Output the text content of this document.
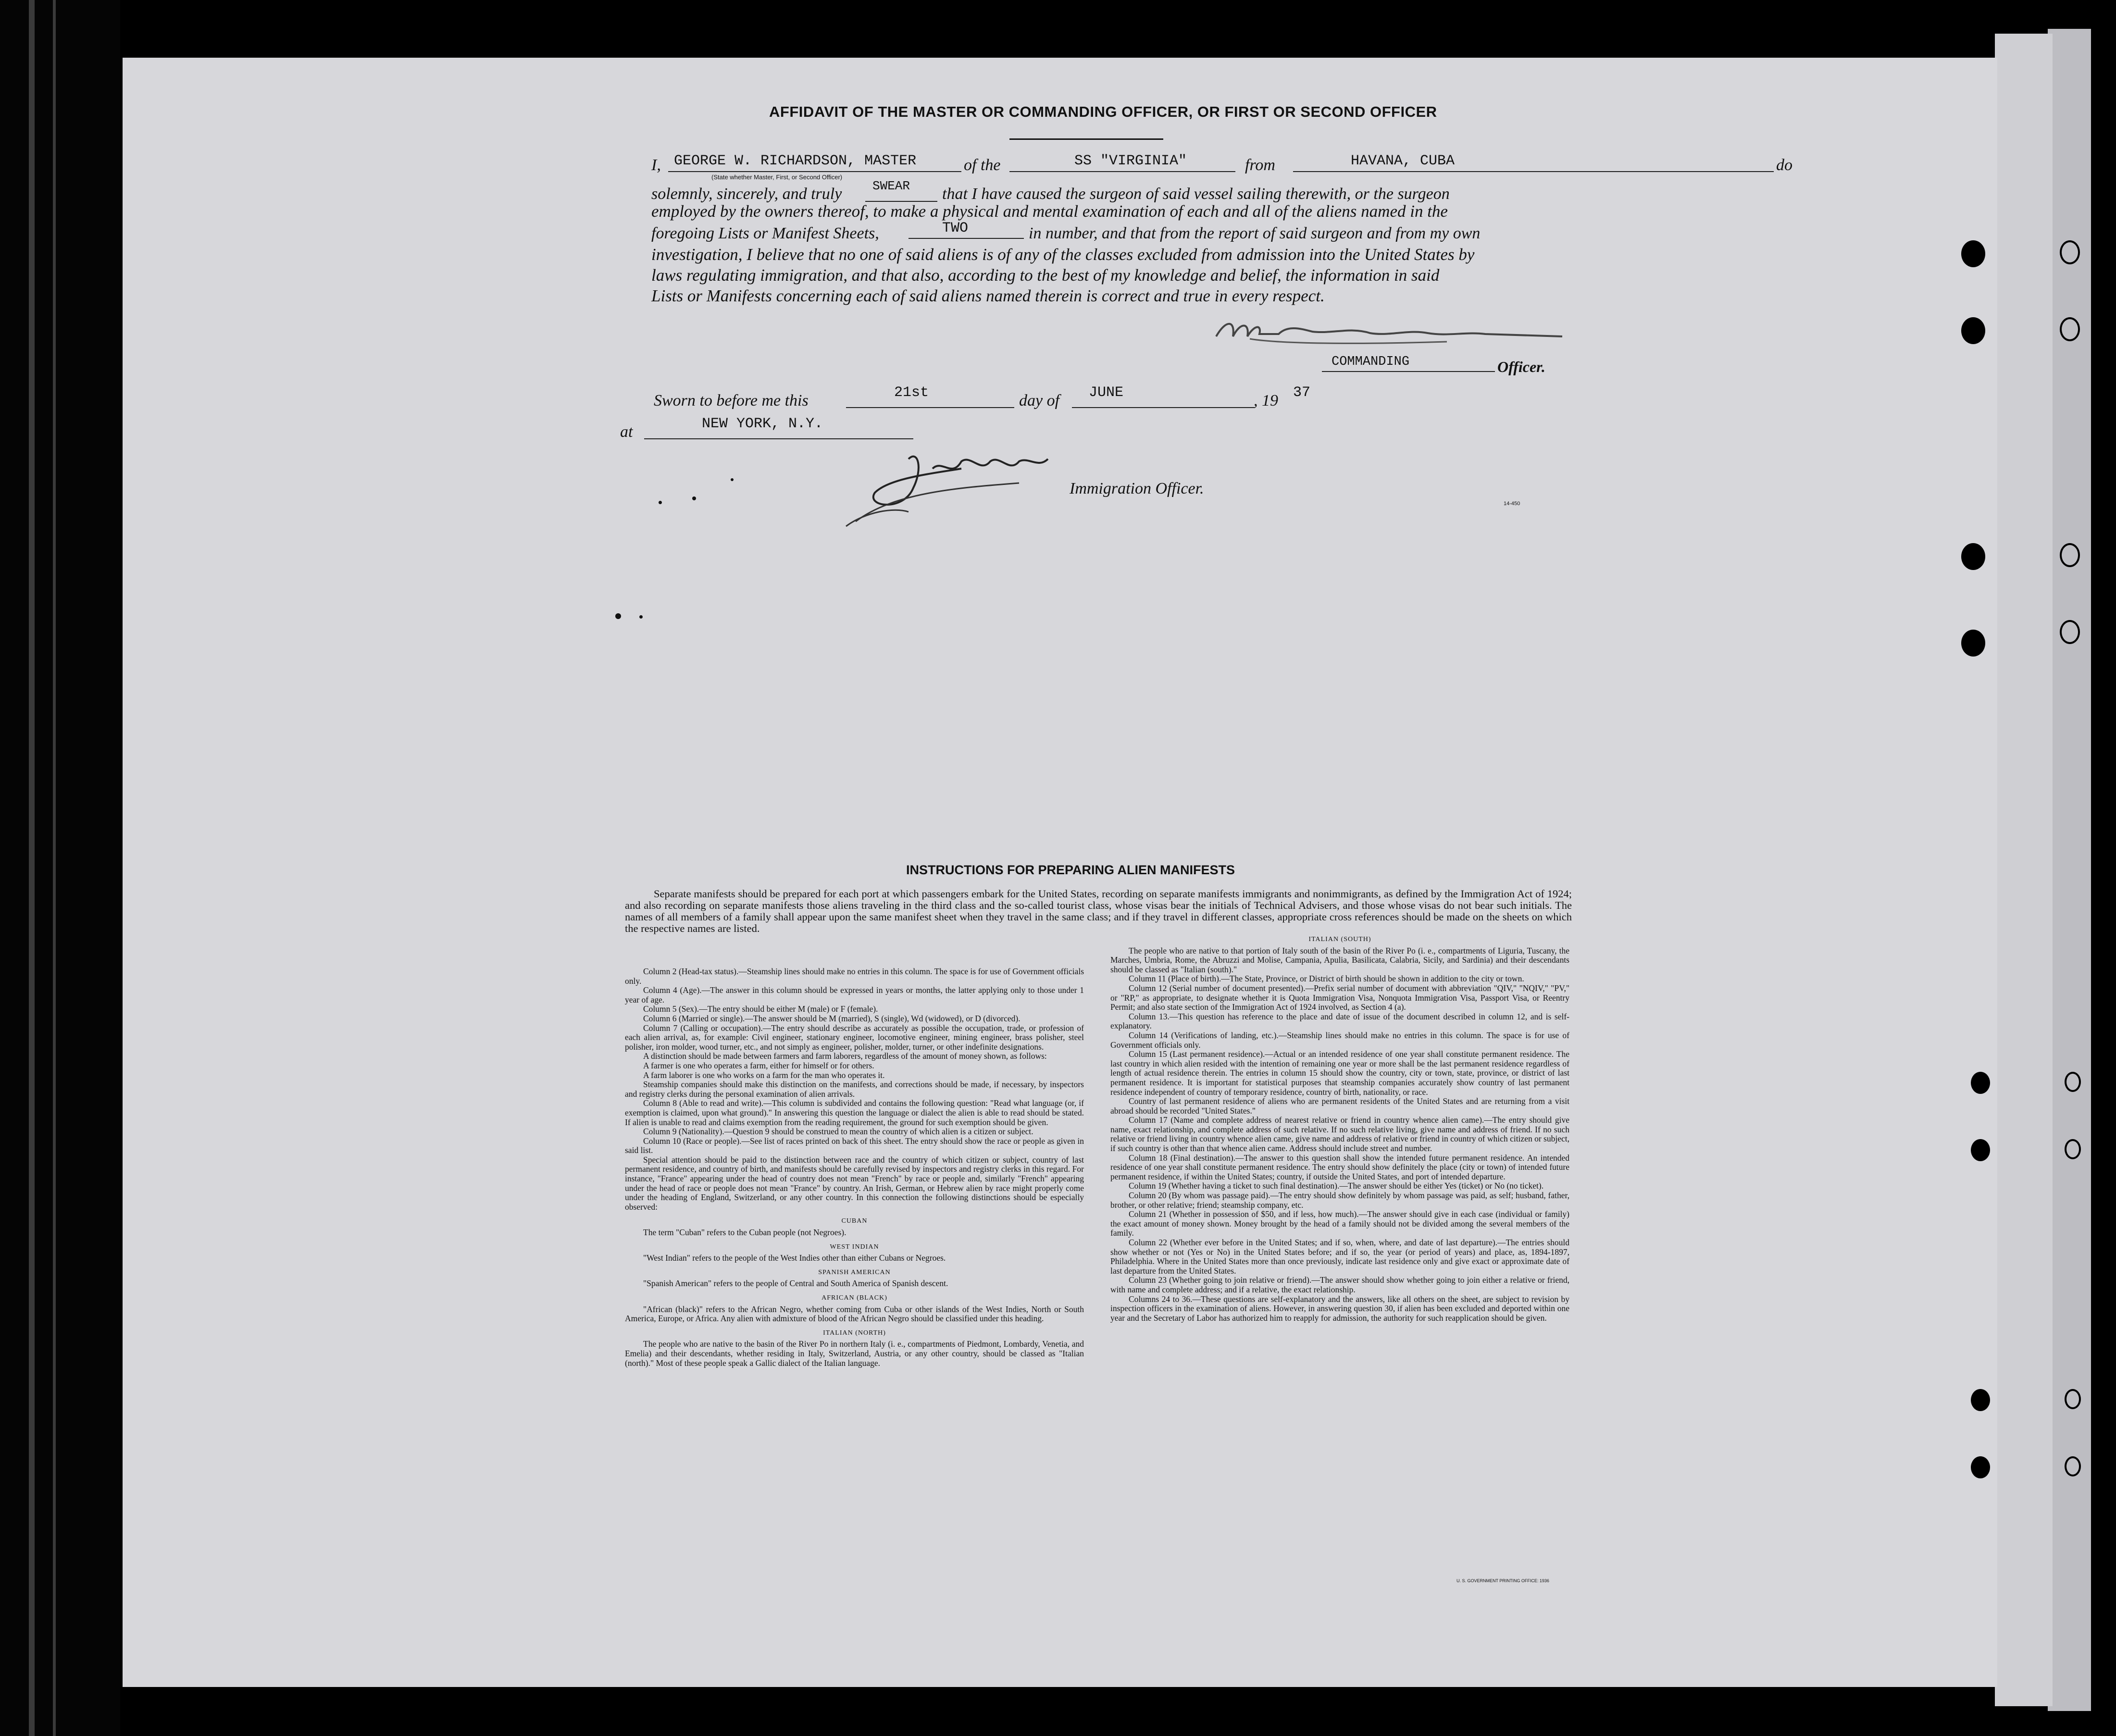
AFFIDAVIT OF THE MASTER OR COMMANDING OFFICER, OR FIRST OR SECOND OFFICER
I, GEORGE W. RICHARDSON, MASTER
(State whether Master, First, or Second Officer)
of the	SS "VIRGINIA"	from	HAVANA, CUBA	do
solemnly, sincerely, and truly SWEAR that I have caused the surgeon of said vessel sailing therewith, or the surgeon
employed by the owners thereof, to make a physical and mental examination of each and all of the aliens named in the
foregoing Lists or Manifest Sheets,	TWO	in number, and that from the report of said surgeon and from my own
investigation, I believe that no one of said aliens is of any of the classes excluded from admission into the United States by
laws regulating immigration, and that also, according to the best of my knowledge and belief, the information in said
Lists or Manifests concerning each of said aliens named therein is correct and true in every respect.
COMMANDING	Officer.
Sworn to before me this	21st	day of JUNE	, 19 37
at	NEW YORK, N.Y.
Immigration Officer.
14-450
INSTRUCTIONS FOR PREPARING ALIEN MANIFESTS
Separate manifests should be prepared for each port at which passengers embark for the United States, recording on separate manifests immigrants and nonimmigrants, as defined by the Immigration Act of 1924; and also recording on separate manifests those aliens traveling in the third class and the so-called tourist class, whose visas bear the initials of Technical Advisers, and those whose visas do not bear such initials. The names of all members of a family shall appear upon the same manifest sheet when they travel in the same class; and if they travel in different classes, appropriate cross references should be made on the sheets on which the respective names are listed.

Column 2 (Head-tax status).—Steamship lines should make no entries in this column. The space is for use of Government officials only.

Column 4 (Age).—The answer in this column should be expressed in years or months, the latter applying only to those under 1 year of age.

Column 5 (Sex).—The entry should be either M (male) or F (female).

Column 6 (Married or single).—The answer should be M (married), S (single), Wd (widowed), or D (divorced).

Column 7 (Calling or occupation).—The entry should describe as accurately as possible the occupation, trade, or profession of each alien arrival, as, for example: Civil engineer, stationary engineer, locomotive engineer, mining engineer, brass polisher, steel polisher, iron molder, wood turner, etc., and not simply as engineer, polisher, molder, turner, or other indefinite designations.

A distinction should be made between farmers and farm laborers, regardless of the amount of money shown, as follows:

A farmer is one who operates a farm, either for himself or for others.

A farm laborer is one who works on a farm for the man who operates it.

Steamship companies should make this distinction on the manifests, and corrections should be made, if necessary, by inspectors and registry clerks during the personal examination of alien arrivals.

Column 8 (Able to read and write).—This column is subdivided and contains the following question: "Read what language (or, if exemption is claimed, upon what ground)." In answering this question the language or dialect the alien is able to read should be stated. If alien is unable to read and claims exemption from the reading requirement, the ground for such exemption should be given.

Column 9 (Nationality).—Question 9 should be construed to mean the country of which alien is a citizen or subject.

Column 10 (Race or people).—See list of races printed on back of this sheet. The entry should show the race or people as given in said list.

Special attention should be paid to the distinction between race and the country of which citizen or subject, country of last permanent residence, and country of birth, and manifests should be carefully revised by inspectors and registry clerks in this regard. For instance, "France" appearing under the head of country does not mean "French" by race or people and, similarly "French" appearing under the head of race or people does not mean "France" by country. An Irish, German, or Hebrew alien by race might properly come under the heading of England, Switzerland, or any other country. In this connection the following distinctions should be especially observed:

CUBAN

The term "Cuban" refers to the Cuban people (not Negroes).

WEST INDIAN

"West Indian" refers to the people of the West Indies other than either Cubans or Negroes.

SPANISH AMERICAN

"Spanish American" refers to the people of Central and South America of Spanish descent.

AFRICAN (BLACK)

"African (black)" refers to the African Negro, whether coming from Cuba or other islands of the West Indies, North or South America, Europe, or Africa. Any alien with admixture of blood of the African Negro should be classified under this heading.

ITALIAN (NORTH)

The people who are native to the basin of the River Po in northern Italy (i. e., compartments of Piedmont, Lombardy, Venetia, and Emelia) and their descendants, whether residing in Italy, Switzerland, Austria, or any other country, should be classed as "Italian (north)." Most of these people speak a Gallic dialect of the Italian language.

ITALIAN (SOUTH)

The people who are native to that portion of Italy south of the basin of the River Po (i. e., compartments of Liguria, Tuscany, the Marches, Umbria, Rome, the Abruzzi and Molise, Campania, Apulia, Basilicata, Calabria, Sicily, and Sardinia) and their descendants should be classed as "Italian (south)."

Column 11 (Place of birth).—The State, Province, or District of birth should be shown in addition to the city or town.

Column 12 (Serial number of document presented).—Prefix serial number of document with abbreviation "QIV," "NQIV," "PV," or "RP," as appropriate, to designate whether it is Quota Immigration Visa, Nonquota Immigration Visa, Passport Visa, or Reentry Permit; and also state section of the Immigration Act of 1924 involved, as Section 4 (a).

Column 13.—This question has reference to the place and date of issue of the document described in column 12, and is self-explanatory.

Column 14 (Verifications of landing, etc.).—Steamship lines should make no entries in this column. The space is for use of Government officials only.

Column 15 (Last permanent residence).—Actual or an intended residence of one year shall constitute permanent residence. The last country in which alien resided with the intention of remaining one year or more shall be the last permanent residence regardless of length of actual residence therein. The entries in column 15 should show the country, city or town, state, province, or district of last permanent residence. It is important for statistical purposes that steamship companies accurately show country of last permanent residence independent of country of temporary residence, country of birth, nationality, or race.

Country of last permanent residence of aliens who are permanent residents of the United States and are returning from a visit abroad should be recorded "United States."

Column 17 (Name and complete address of nearest relative or friend in country whence alien came).—The entry should give name, exact relationship, and complete address of such relative. If no such relative living, give name and address of friend. If no such relative or friend living in country whence alien came, give name and address of relative or friend in country of which citizen or subject, if such country is other than that whence alien came. Address should include street and number.

Column 18 (Final destination).—The answer to this question shall show the intended future permanent residence. An intended residence of one year shall constitute permanent residence. The entry should show definitely the place (city or town) of intended future permanent residence, if within the United States; country, if outside the United States, and port of intended departure.

Column 19 (Whether having a ticket to such final destination).—The answer should be either Yes (ticket) or No (no ticket).

Column 20 (By whom was passage paid).—The entry should show definitely by whom passage was paid, as self; husband, father, brother, or other relative; friend; steamship company, etc.

Column 21 (Whether in possession of $50, and if less, how much).—The answer should give in each case (individual or family) the exact amount of money shown. Money brought by the head of a family should not be divided among the several members of the family.

Column 22 (Whether ever before in the United States; and if so, when, where, and date of last departure).—The entries should show whether or not (Yes or No) in the United States before; and if so, the year (or period of years) and place, as, 1894-1897, Philadelphia. Where in the United States more than once previously, indicate last residence only and give exact or approximate date of last departure from the United States.

Column 23 (Whether going to join relative or friend).—The answer should show whether going to join either a relative or friend, with name and complete address; and if a relative, the exact relationship.

Columns 24 to 36.—These questions are self-explanatory and the answers, like all others on the sheet, are subject to revision by inspection officers in the examination of aliens. However, in answering question 30, if alien has been excluded and deported within one year and the Secretary of Labor has authorized him to reapply for admission, the authority for such reapplication should be given.

U. S. GOVERNMENT PRINTING OFFICE: 1936
